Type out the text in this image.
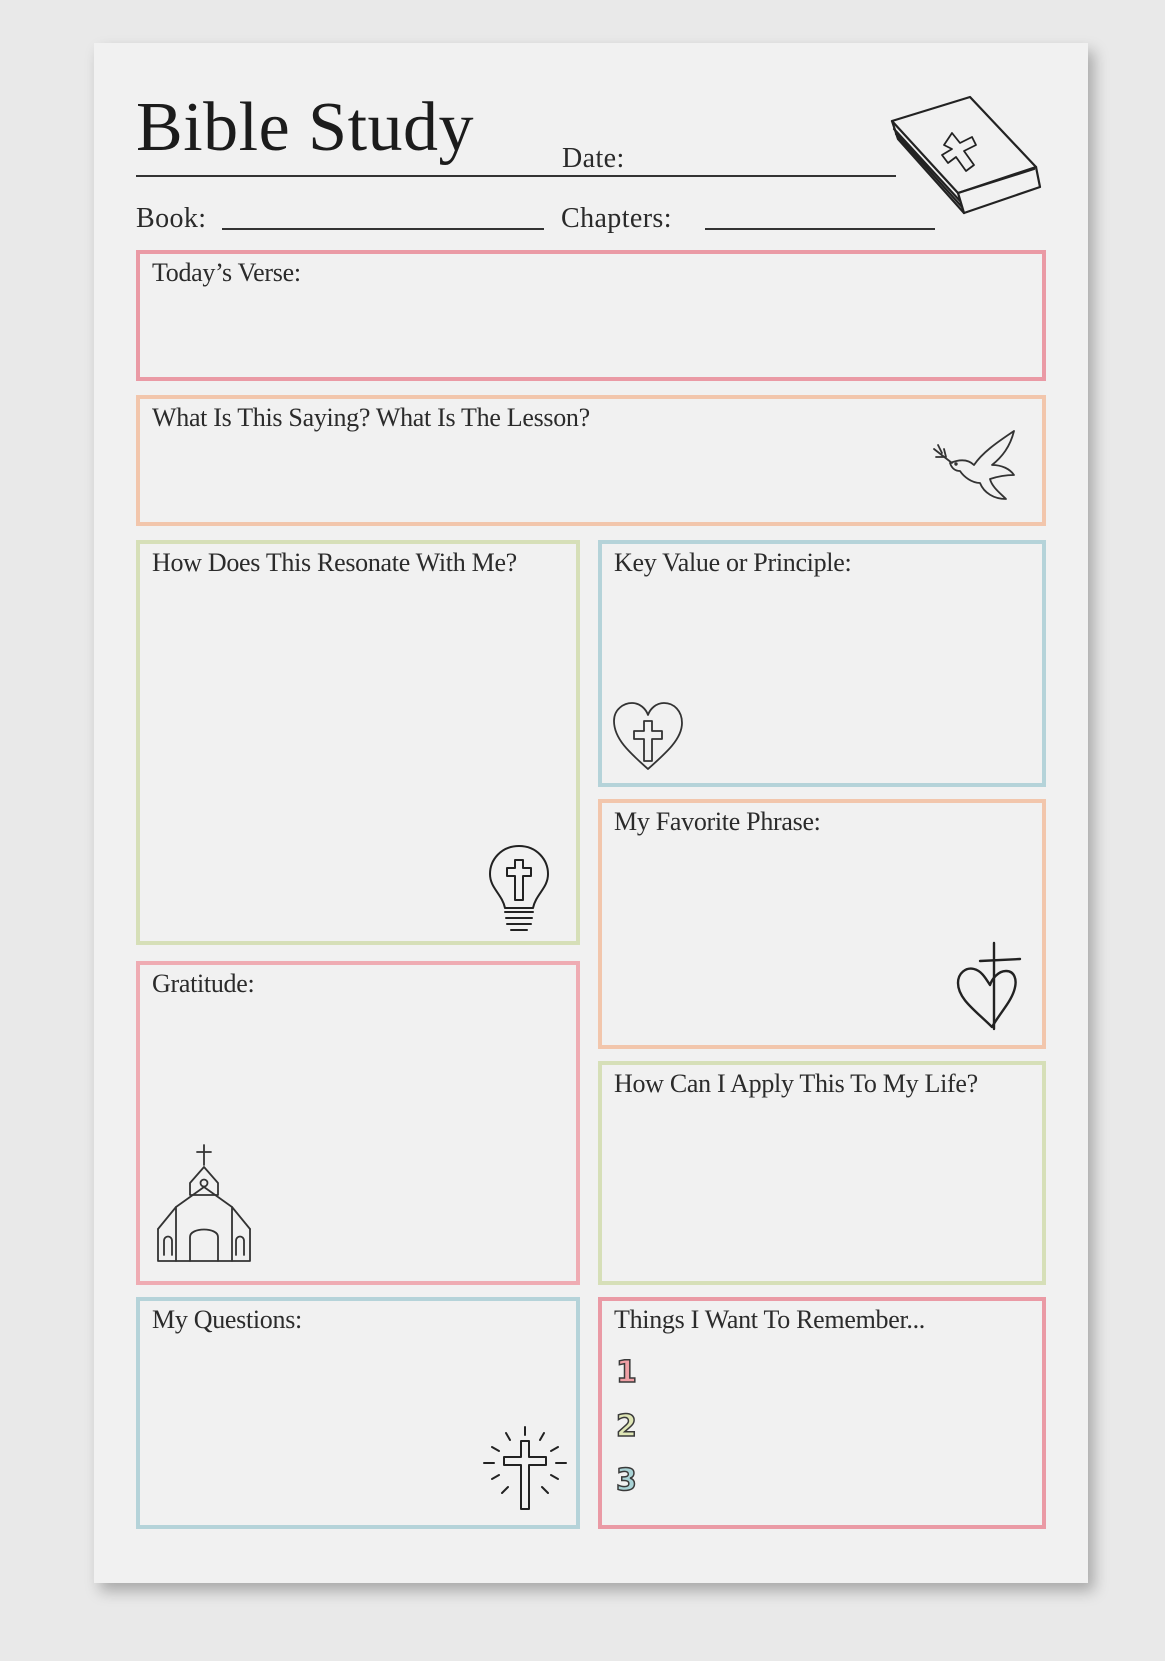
Bible Study	Date:
Book:	Chapters:
Today’s Verse:
What Is This Saying? What Is The Lesson?
How Does This Resonate With Me?	Key Value or Principle:
My Favorite Phrase:
Gratitude:
How Can I Apply This To My Life?
My Questions:	Things I Want To Remember...
1
2
3
